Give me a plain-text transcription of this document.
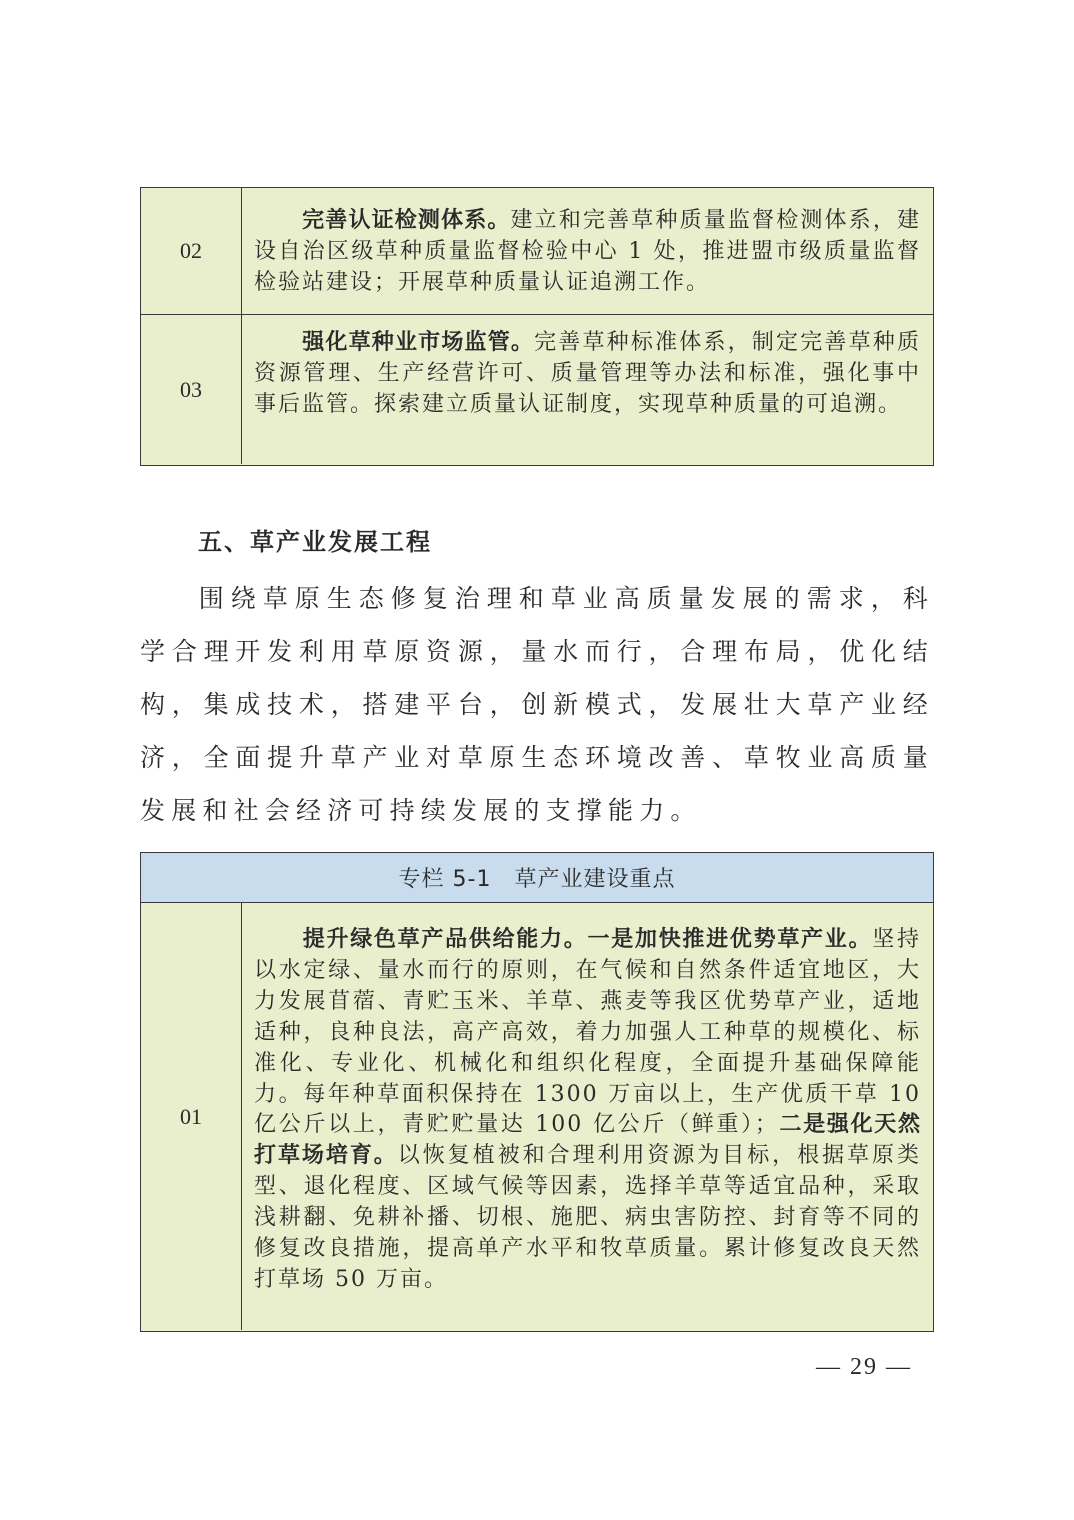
02
完善认证检测体系。建立和完善草种质量监督检测体系，建设自治区级草种质量监督检验中心 1 处，推进盟市级质量监督检验站建设；开展草种质量认证追溯工作。
03
强化草种业市场监管。完善草种标准体系，制定完善草种质资源管理、生产经营许可、质量管理等办法和标准，强化事中事后监管。探索建立质量认证制度，实现草种质量的可追溯。
五、草产业发展工程
围绕草原生态修复治理和草业高质量发展的需求，科学合理开发利用草原资源，量水而行，合理布局，优化结构，集成技术，搭建平台，创新模式，发展壮大草产业经济，全面提升草产业对草原生态环境改善、草牧业高质量发展和社会经济可持续发展的支撑能力。
专栏 5-1　草产业建设重点
01
提升绿色草产品供给能力。一是加快推进优势草产业。坚持以水定绿、量水而行的原则，在气候和自然条件适宜地区，大力发展苜蓿、青贮玉米、羊草、燕麦等我区优势草产业，适地适种，良种良法，高产高效，着力加强人工种草的规模化、标准化、专业化、机械化和组织化程度，全面提升基础保障能力。每年种草面积保持在 1300 万亩以上，生产优质干草 10 亿公斤以上，青贮贮量达 100 亿公斤（鲜重）；二是强化天然打草场培育。以恢复植被和合理利用资源为目标，根据草原类型、退化程度、区域气候等因素，选择羊草等适宜品种，采取浅耕翻、免耕补播、切根、施肥、病虫害防控、封育等不同的修复改良措施，提高单产水平和牧草质量。累计修复改良天然打草场 50 万亩。
— 29 —
